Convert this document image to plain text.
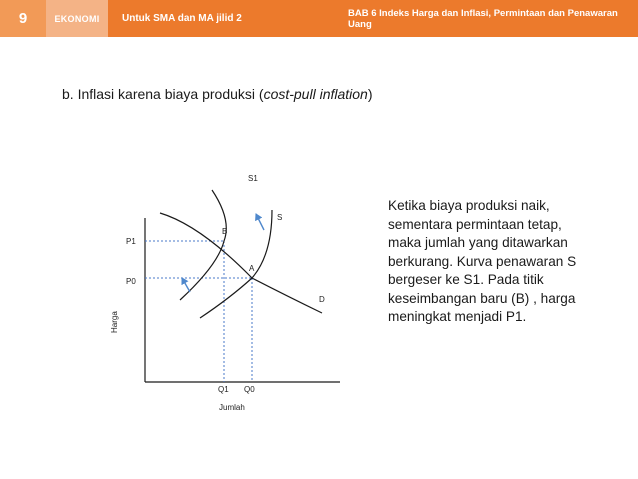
9	EKONOMI	Untuk SMA dan MA jilid 2	BAB 6 Indeks Harga dan Inflasi, Permintaan dan Penawaran Uang
b. Inflasi karena biaya produksi (cost-pull inflation)
S1
S
D
B
A
P1
P0
Q1 Q0
Jumlah
Harga
Ketika biaya produksi naik, sementara permintaan tetap, maka jumlah yang ditawarkan berkurang. Kurva penawaran S bergeser ke S1. Pada titik keseimbangan baru (B) , harga meningkat menjadi P1.
